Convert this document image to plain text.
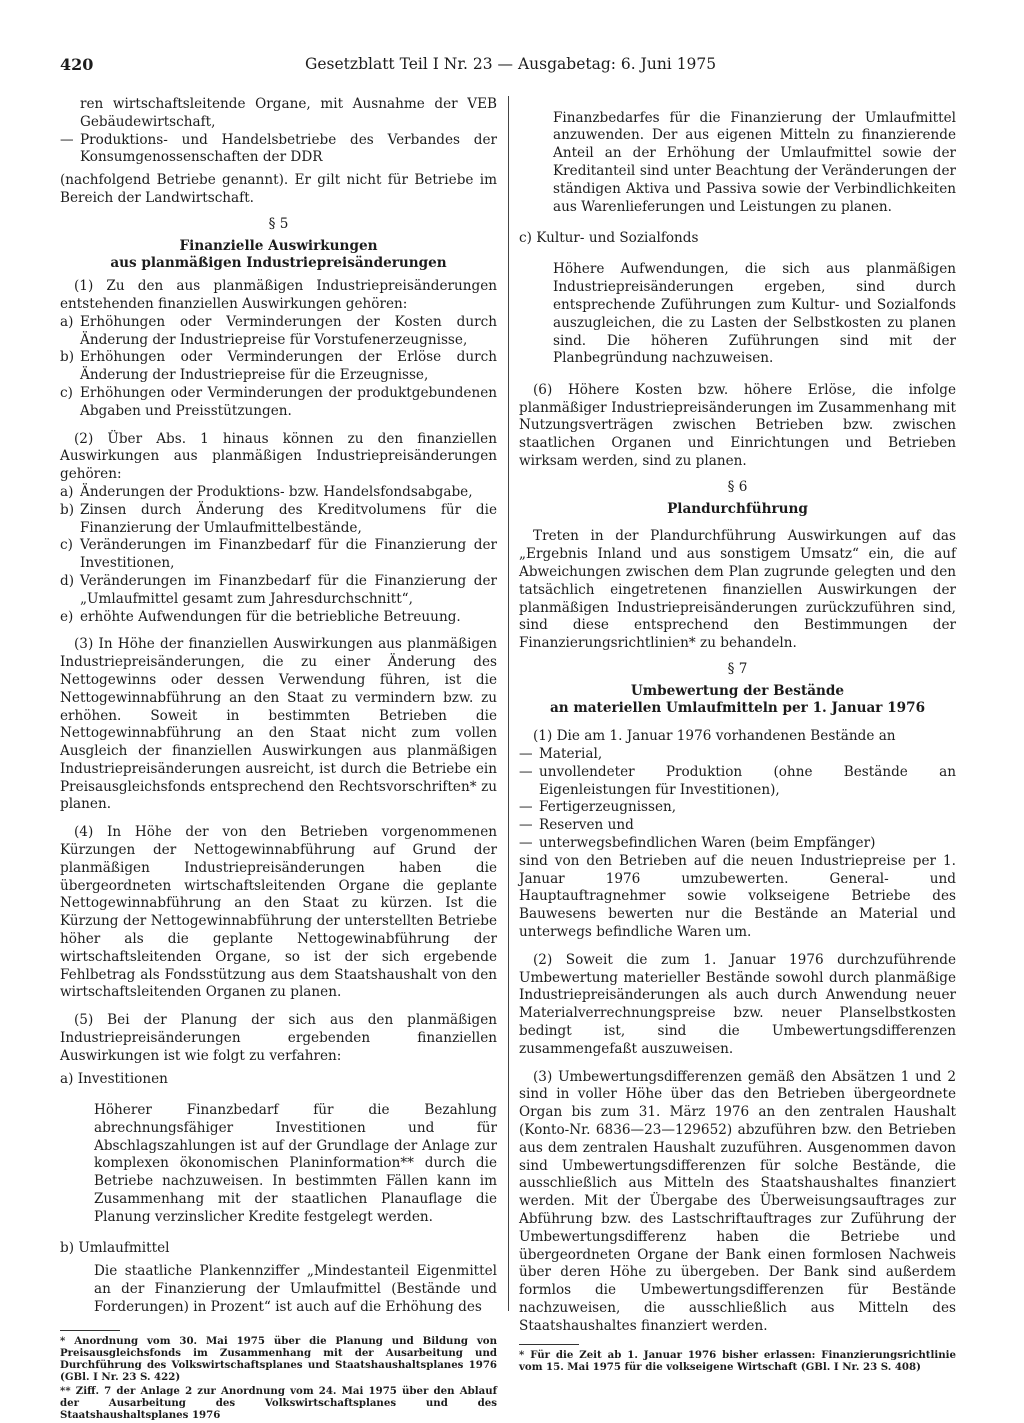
420	Gesetzblatt Teil I Nr. 23 — Ausgabetag: 6. Juni 1975

ren wirtschaftsleitende Organe, mit Ausnahme der VEB Gebäudewirtschaft,

— Produktions- und Handelsbetriebe des Verbandes der Konsumgenossenschaften der DDR

(nachfolgend Betriebe genannt). Er gilt nicht für Betriebe im Bereich der Landwirtschaft.

§ 5

Finanzielle Auswirkungen

aus planmäßigen Industriepreisänderungen

(1) Zu den aus planmäßigen Industriepreisänderungen entstehenden finanziellen Auswirkungen gehören:

a) Erhöhungen oder Verminderungen der Kosten durch Änderung der Industriepreise für Vorstufenerzeugnisse,
b) Erhöhungen oder Verminderungen der Erlöse durch Änderung der Industriepreise für die Erzeugnisse,
c) Erhöhungen oder Verminderungen der produktgebundenen Abgaben und Preisstützungen.

(2) Über Abs. 1 hinaus können zu den finanziellen Auswirkungen aus planmäßigen Industriepreisänderungen gehören:

a) Änderungen der Produktions- bzw. Handelsfondsabgabe,
b) Zinsen durch Änderung des Kreditvolumens für die Finanzierung der Umlaufmittelbestände,
c) Veränderungen im Finanzbedarf für die Finanzierung der Investitionen,
d) Veränderungen im Finanzbedarf für die Finanzierung der „Umlaufmittel gesamt zum Jahresdurchschnitt“,
e) erhöhte Aufwendungen für die betriebliche Betreuung.

(3) In Höhe der finanziellen Auswirkungen aus planmäßigen Industriepreisänderungen, die zu einer Änderung des Nettogewinns oder dessen Verwendung führen, ist die Nettogewinnabführung an den Staat zu vermindern bzw. zu erhöhen. Soweit in bestimmten Betrieben die Nettogewinnabführung an den Staat nicht zum vollen Ausgleich der finanziellen Auswirkungen aus planmäßigen Industriepreisänderungen ausreicht, ist durch die Betriebe ein Preisausgleichsfonds entsprechend den Rechtsvorschriften* zu planen.

(4) In Höhe der von den Betrieben vorgenommenen Kürzungen der Nettogewinnabführung auf Grund der planmäßigen Industriepreisänderungen haben die übergeordneten wirtschaftsleitenden Organe die geplante Nettogewinnabführung an den Staat zu kürzen. Ist die Kürzung der Nettogewinnabführung der unterstellten Betriebe höher als die geplante Nettogewinabführung der wirtschaftsleitenden Organe, so ist der sich ergebende Fehlbetrag als Fondsstützung aus dem Staatshaushalt von den wirtschaftsleitenden Organen zu planen.

(5) Bei der Planung der sich aus den planmäßigen Industriepreisänderungen ergebenden finanziellen Auswirkungen ist wie folgt zu verfahren:

a) Investitionen

Höherer Finanzbedarf für die Bezahlung abrechnungsfähiger Investitionen und für Abschlagszahlungen ist auf der Grundlage der Anlage zur komplexen ökonomischen Planinformation** durch die Betriebe nachzuweisen. In bestimmten Fällen kann im Zusammenhang mit der staatlichen Planauflage die Planung verzinslicher Kredite festgelegt werden.

b) Umlaufmittel

Die staatliche Plankennziffer „Mindestanteil Eigenmittel an der Finanzierung der Umlaufmittel (Bestände und Forderungen) in Prozent“ ist auch auf die Erhöhung des

* Anordnung vom 30. Mai 1975 über die Planung und Bildung von Preisausgleichsfonds im Zusammenhang mit der Ausarbeitung und Durchführung des Volkswirtschaftsplanes und Staatshaushaltsplanes 1976 (GBl. I Nr. 23 S. 422)

** Ziff. 7 der Anlage 2 zur Anordnung vom 24. Mai 1975 über den Ablauf der Ausarbeitung des Volkswirtschaftsplanes und des Staatshaushaltsplanes 1976

Finanzbedarfes für die Finanzierung der Umlaufmittel anzuwenden. Der aus eigenen Mitteln zu finanzierende Anteil an der Erhöhung der Umlaufmittel sowie der Kreditanteil sind unter Beachtung der Veränderungen der ständigen Aktiva und Passiva sowie der Verbindlichkeiten aus Warenlieferungen und Leistungen zu planen.

c) Kultur- und Sozialfonds

Höhere Aufwendungen, die sich aus planmäßigen Industriepreisänderungen ergeben, sind durch entsprechende Zuführungen zum Kultur- und Sozialfonds auszugleichen, die zu Lasten der Selbstkosten zu planen sind. Die höheren Zuführungen sind mit der Planbegründung nachzuweisen.

(6) Höhere Kosten bzw. höhere Erlöse, die infolge planmäßiger Industriepreisänderungen im Zusammenhang mit Nutzungsverträgen zwischen Betrieben bzw. zwischen staatlichen Organen und Einrichtungen und Betrieben wirksam werden, sind zu planen.

§ 6

Plandurchführung

Treten in der Plandurchführung Auswirkungen auf das „Ergebnis Inland und aus sonstigem Umsatz“ ein, die auf Abweichungen zwischen dem Plan zugrunde gelegten und den tatsächlich eingetretenen finanziellen Auswirkungen der planmäßigen Industriepreisänderungen zurückzuführen sind, sind diese entsprechend den Bestimmungen der Finanzierungsrichtlinien* zu behandeln.

§ 7

Umbewertung der Bestände

an materiellen Umlaufmitteln per 1. Januar 1976

(1) Die am 1. Januar 1976 vorhandenen Bestände an

— Material,
— unvollendeter Produktion (ohne Bestände an Eigenleistungen für Investitionen),
— Fertigerzeugnissen,
— Reserven und
— unterwegsbefindlichen Waren (beim Empfänger)

sind von den Betrieben auf die neuen Industriepreise per 1. Januar 1976 umzubewerten. General- und Hauptauftragnehmer sowie volkseigene Betriebe des Bauwesens bewerten nur die Bestände an Material und unterwegs befindliche Waren um.

(2) Soweit die zum 1. Januar 1976 durchzuführende Umbewertung materieller Bestände sowohl durch planmäßige Industriepreisänderungen als auch durch Anwendung neuer Materialverrechnungspreise bzw. neuer Planselbstkosten bedingt ist, sind die Umbewertungsdifferenzen zusammengefaßt auszuweisen.

(3) Umbewertungsdifferenzen gemäß den Absätzen 1 und 2 sind in voller Höhe über das den Betrieben übergeordnete Organ bis zum 31. März 1976 an den zentralen Haushalt (Konto-Nr. 6836—23—129652) abzuführen bzw. den Betrieben aus dem zentralen Haushalt zuzuführen. Ausgenommen davon sind Umbewertungsdifferenzen für solche Bestände, die ausschließlich aus Mitteln des Staatshaushaltes finanziert werden. Mit der Übergabe des Überweisungsauftrages zur Abführung bzw. des Lastschriftauftrages zur Zuführung der Umbewertungsdifferenz haben die Betriebe und übergeordneten Organe der Bank einen formlosen Nachweis über deren Höhe zu übergeben. Der Bank sind außerdem formlos die Umbewertungsdifferenzen für Bestände nachzuweisen, die ausschließlich aus Mitteln des Staatshaushaltes finanziert werden.

* Für die Zeit ab 1. Januar 1976 bisher erlassen: Finanzierungsrichtlinie vom 15. Mai 1975 für die volkseigene Wirtschaft (GBl. I Nr. 23 S. 408)
